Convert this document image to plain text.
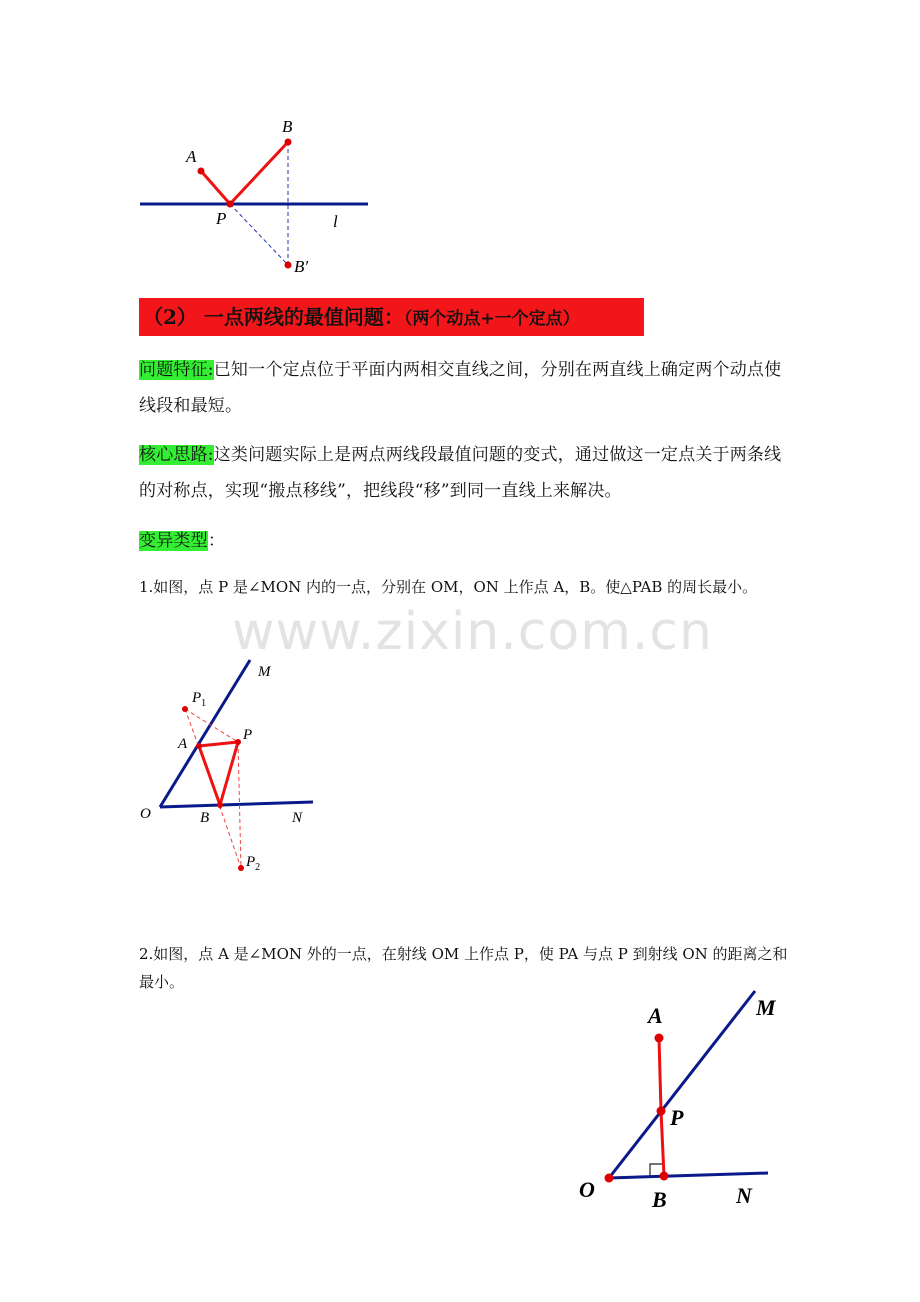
A
B
P	l
B′
（2） 一点两线的最值问题：（两个动点+一个定点）
问题特征:已知一个定点位于平面内两相交直线之间，分别在两直线上确定两个动点使线段和最短。
核心思路:这类问题实际上是两点两线段最值问题的变式，通过做这一定点关于两条线的对称点，实现“搬点移线”，把线段“移”到同一直线上来解决。
变异类型：
1.如图，点 P 是∠MON 内的一点，分别在 OM，ON 上作点 A，B。使△PAB 的周长最小。
www.zixin.com.cn
M
$P_1$
A
P
O	B	N
$P_2$
2.如图，点 A 是∠MON 外的一点，在射线 OM 上作点 P，使 PA 与点 P 到射线 ON 的距离之和最小。
A	M
P
O	B	N
